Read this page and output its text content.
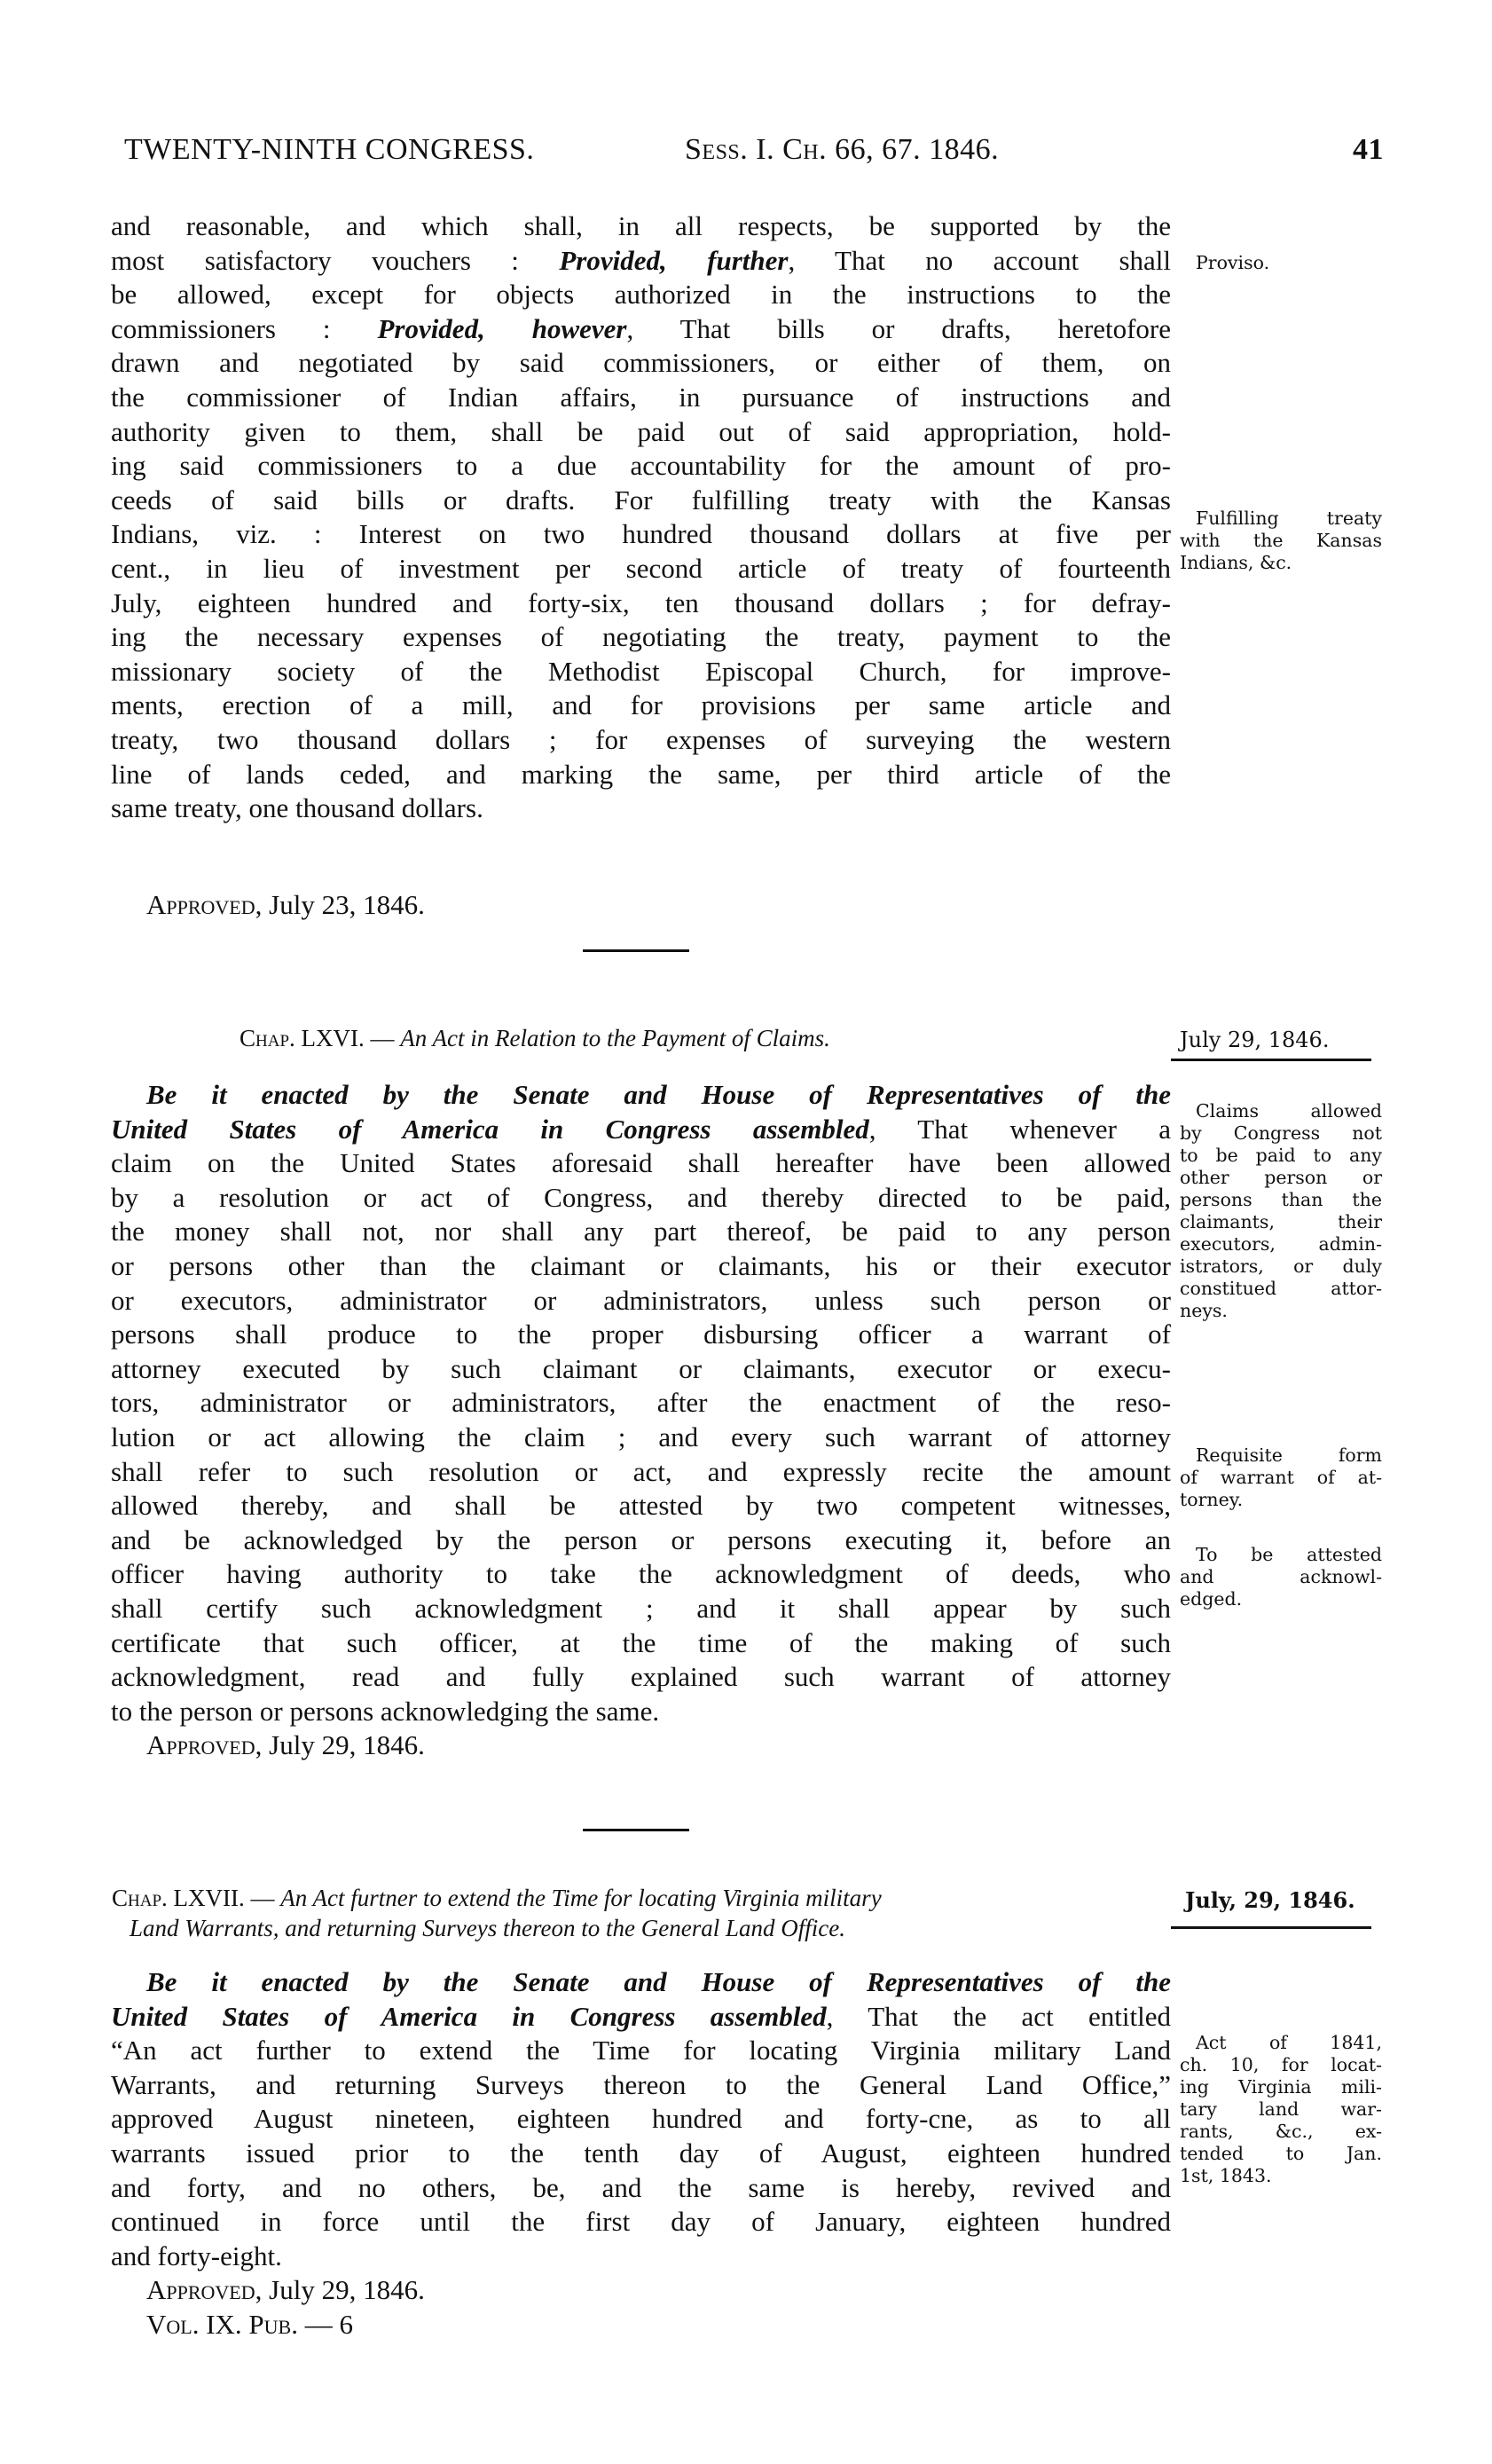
TWENTY-NINTH CONGRESS.	Sess. I. Ch. 66, 67. 1846.	41
and reasonable, and which shall, in all respects, be supported by the
most satisfactory vouchers : Provided, further, That no account shall
be allowed, except for objects authorized in the instructions to the
commissioners : Provided, however, That bills or drafts, heretofore
drawn and negotiated by said commissioners, or either of them, on
the commissioner of Indian affairs, in pursuance of instructions and
authority given to them, shall be paid out of said appropriation, hold-
ing said commissioners to a due accountability for the amount of pro-
ceeds of said bills or drafts. For fulfilling treaty with the Kansas
Indians, viz. : Interest on two hundred thousand dollars at five per
cent., in lieu of investment per second article of treaty of fourteenth
July, eighteen hundred and forty-six, ten thousand dollars ; for defray-
ing the necessary expenses of negotiating the treaty, payment to the
missionary society of the Methodist Episcopal Church, for improve-
ments, erection of a mill, and for provisions per same article and
treaty, two thousand dollars ; for expenses of surveying the western
line of lands ceded, and marking the same, per third article of the
same treaty, one thousand dollars.
Approved, July 23, 1846.
Proviso.
Fulfilling treaty
with the Kansas
Indians, &c.
Chap. LXVI. — An Act in Relation to the Payment of Claims.	July 29, 1846.
Be it enacted by the Senate and House of Representatives of the
United States of America in Congress assembled, That whenever a
claim on the United States aforesaid shall hereafter have been allowed
by a resolution or act of Congress, and thereby directed to be paid,
the money shall not, nor shall any part thereof, be paid to any person
or persons other than the claimant or claimants, his or their executor
or executors, administrator or administrators, unless such person or
persons shall produce to the proper disbursing officer a warrant of
attorney executed by such claimant or claimants, executor or execu-
tors, administrator or administrators, after the enactment of the reso-
lution or act allowing the claim ; and every such warrant of attorney
shall refer to such resolution or act, and expressly recite the amount
allowed thereby, and shall be attested by two competent witnesses,
and be acknowledged by the person or persons executing it, before an
officer having authority to take the acknowledgment of deeds, who
shall certify such acknowledgment ; and it shall appear by such
certificate that such officer, at the time of the making of such
acknowledgment, read and fully explained such warrant of attorney
to the person or persons acknowledging the same.
Approved, July 29, 1846.
Claims allowed
by Congress not
to be paid to any
other person or
persons than the
claimants, their
executors, admin-
istrators, or duly
constitued attor-
neys.
Requisite form
of warrant of at-
torney.
To be attested
and acknowl-
edged.
Chap. LXVII. — An Act furtner to extend the Time for locating Virginia military
Land Warrants, and returning Surveys thereon to the General Land Office.
July, 29, 1846.
Be it enacted by the Senate and House of Representatives of the
United States of America in Congress assembled, That the act entitled
“An act further to extend the Time for locating Virginia military Land
Warrants, and returning Surveys thereon to the General Land Office,”
approved August nineteen, eighteen hundred and forty-cne, as to all
warrants issued prior to the tenth day of August, eighteen hundred
and forty, and no others, be, and the same is hereby, revived and
continued in force until the first day of January, eighteen hundred
and forty-eight.
Approved, July 29, 1846.
Vol. IX. Pub. — 6
Act of 1841,
ch. 10, for locat-
ing Virginia mili-
tary land war-
rants, &c., ex-
tended to Jan.
1st, 1843.
